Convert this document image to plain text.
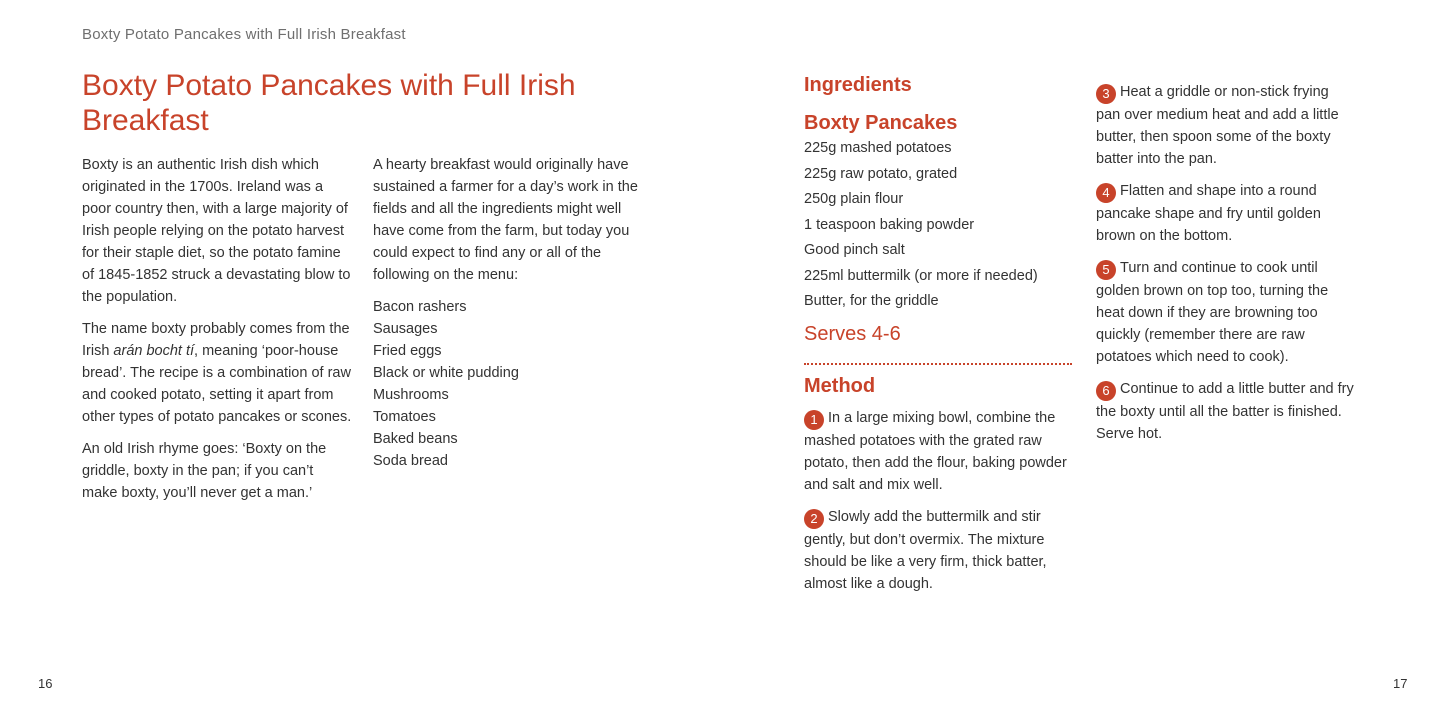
Boxty Potato Pancakes with Full Irish Breakfast
Boxty Potato Pancakes with Full Irish Breakfast

Boxty is an authentic Irish dish which originated in the 1700s. Ireland was a poor country then, with a large majority of Irish people relying on the potato harvest for their staple diet, so the potato famine of 1845-1852 struck a devastating blow to the population.

The name boxty probably comes from the Irish arán bocht tí, meaning ‘poor-house bread’. The recipe is a combination of raw and cooked potato, setting it apart from other types of potato pancakes or scones.

An old Irish rhyme goes: ‘Boxty on the griddle, boxty in the pan; if you can’t make boxty, you’ll never get a man.’

A hearty breakfast would originally have sustained a farmer for a day’s work in the fields and all the ingredients might well have come from the farm, but today you could expect to find any or all of the following on the menu:

Bacon rashers
Sausages
Fried eggs
Black or white pudding
Mushrooms
Tomatoes
Baked beans
Soda bread
Ingredients
Boxty Pancakes
225g mashed potatoes
225g raw potato, grated
250g plain flour
1 teaspoon baking powder
Good pinch salt
225ml buttermilk (or more if needed)
Butter, for the griddle
Serves 4-6
Method

1 In a large mixing bowl, combine the mashed potatoes with the grated raw potato, then add the flour, baking powder and salt and mix well.

2 Slowly add the buttermilk and stir gently, but don’t overmix. The mixture should be like a very firm, thick batter, almost like a dough.

3 Heat a griddle or non-stick frying pan over medium heat and add a little butter, then spoon some of the boxty batter into the pan.

4 Flatten and shape into a round pancake shape and fry until golden brown on the bottom.

5 Turn and continue to cook until golden brown on top too, turning the heat down if they are browning too quickly (remember there are raw potatoes which need to cook).

6 Continue to add a little butter and fry the boxty until all the batter is finished. Serve hot.

16	17
